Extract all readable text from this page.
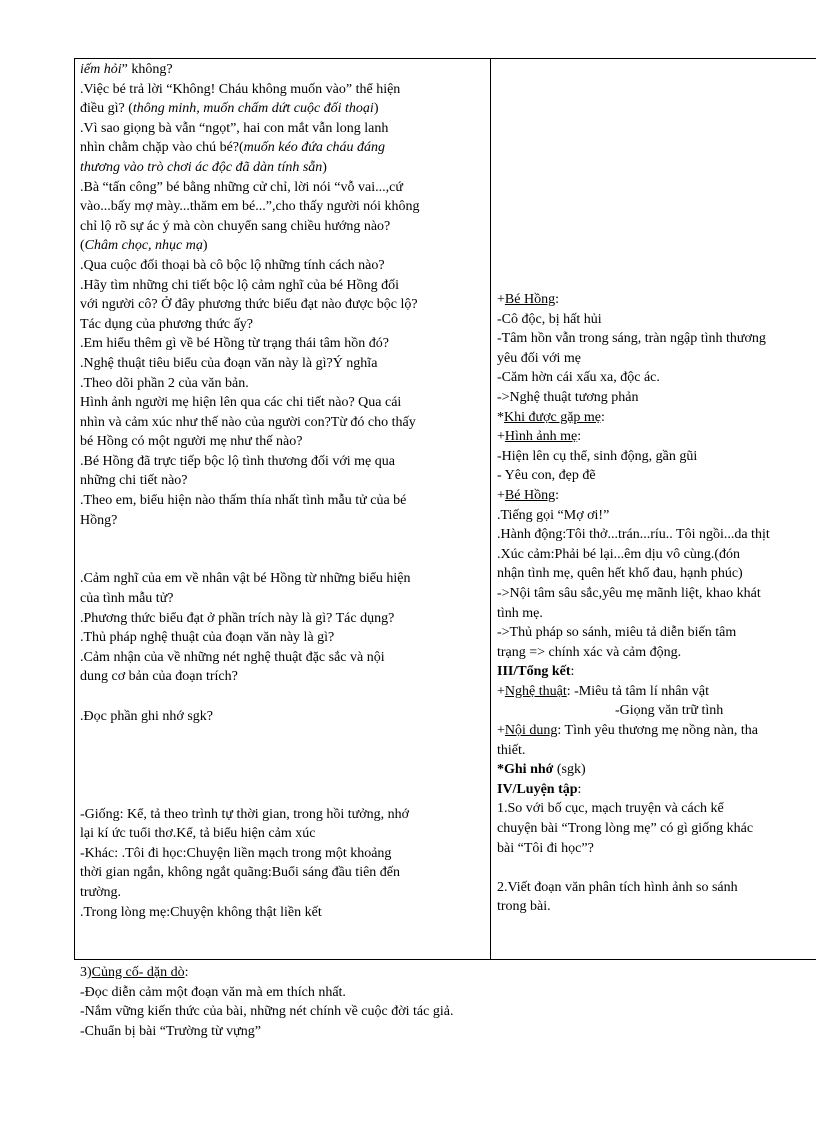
iếm hỏi” không?
.Việc bé trả lời “Không! Cháu không muốn vào” thể hiện
điều gì? (thông minh, muốn chấm dứt cuộc đối thoại)
.Vì sao giọng bà vẫn “ngọt”, hai con mắt vẫn long lanh
nhìn chằm chặp vào chú bé?(muốn kéo đứa cháu đáng
thương vào trò chơi ác độc đã dàn tính sẵn)
.Bà “tấn công” bé bằng những cử chỉ, lời nói “vỗ vai...,cứ
vào...bấy mợ mày...thăm em bé...”,cho thấy người nói không
chỉ lộ rõ sự ác ý mà còn chuyển sang chiều hướng nào?
(Châm chọc, nhục mạ)
.Qua cuộc đối thoại bà cô bộc lộ những tính cách nào?
.Hãy tìm những chi tiết bộc lộ cảm nghĩ của bé Hồng đối
với người cô? Ở đây phương thức biểu đạt nào được bộc lộ?
Tác dụng của phương thức ấy?
.Em hiểu thêm gì về bé Hồng từ trạng thái tâm hồn đó?
.Nghệ thuật tiêu biểu của đoạn văn này là gì?Ý nghĩa
.Theo dõi phần 2 của văn bản.
Hình ảnh người mẹ hiện lên qua các chi tiết nào? Qua cái
nhìn và cảm xúc như thế nào của người con?Từ đó cho thấy
bé Hồng có một người mẹ như thế nào?
.Bé Hồng đã trực tiếp bộc lộ tình thương đối với mẹ qua
những chi tiết nào?
.Theo em, biểu hiện nào thấm thía nhất tình mẫu tử của bé
Hồng?
.Cảm nghĩ của em về nhân vật bé Hồng từ những biểu hiện
của tình mẫu tử?
.Phương thức biểu đạt ở phần trích này là gì? Tác dụng?
.Thủ pháp nghệ thuật của đoạn văn này là gì?
.Cảm nhận của về những nét nghệ thuật đặc sắc và nội
dung cơ bản của đoạn trích?
.Đọc phần ghi nhớ sgk?
-Giống: Kể, tả theo trình tự thời gian, trong hồi tưởng, nhớ
lại kí ức tuổi thơ.Kể, tả biểu hiện cảm xúc
-Khác: .Tôi đi học:Chuyện liền mạch trong một khoảng
thời gian ngắn, không ngắt quãng:Buổi sáng đầu tiên đến
trường.
.Trong lòng mẹ:Chuyện không thật liền kết
+Bé Hồng:
-Cô độc, bị hất hủi
-Tâm hồn vẫn trong sáng, tràn ngập tình thương
yêu đối với mẹ
-Căm hờn cái xấu xa, độc ác.
->Nghệ thuật tương phản
*Khi được gặp mẹ:
+Hình ảnh mẹ:
-Hiện lên cụ thể, sinh động, gần gũi
- Yêu con, đẹp đẽ
+Bé Hồng:
.Tiếng gọi “Mợ ơi!”
.Hành động:Tôi thở...trán...ríu.. Tôi ngồi...da thịt
.Xúc cảm:Phải bé lại...êm dịu vô cùng.(đón
nhận tình mẹ, quên hết khổ đau, hạnh phúc)
->Nội tâm sâu sắc,yêu mẹ mãnh liệt, khao khát
tình mẹ.
->Thủ pháp so sánh, miêu tả diễn biến tâm
trạng => chính xác và cảm động.
III/Tổng kết:
+Nghệ thuật: -Miêu tả tâm lí nhân vật
-Giọng văn trữ tình
+Nội dung: Tình yêu thương mẹ nồng nàn, tha
thiết.
*Ghi nhớ (sgk)
IV/Luyện tập:
1.So với bố cục, mạch truyện và cách kể
chuyện bài “Trong lòng mẹ” có gì giống khác
bài “Tôi đi học”?
2.Viết đoạn văn phân tích hình ảnh so sánh
trong bài.
3)Củng cố- dặn dò:
-Đọc diễn cảm một đoạn văn mà em thích nhất.
-Nắm vững kiến thức của bài, những nét chính về cuộc đời tác giả.
-Chuẩn bị bài “Trường từ vựng”
